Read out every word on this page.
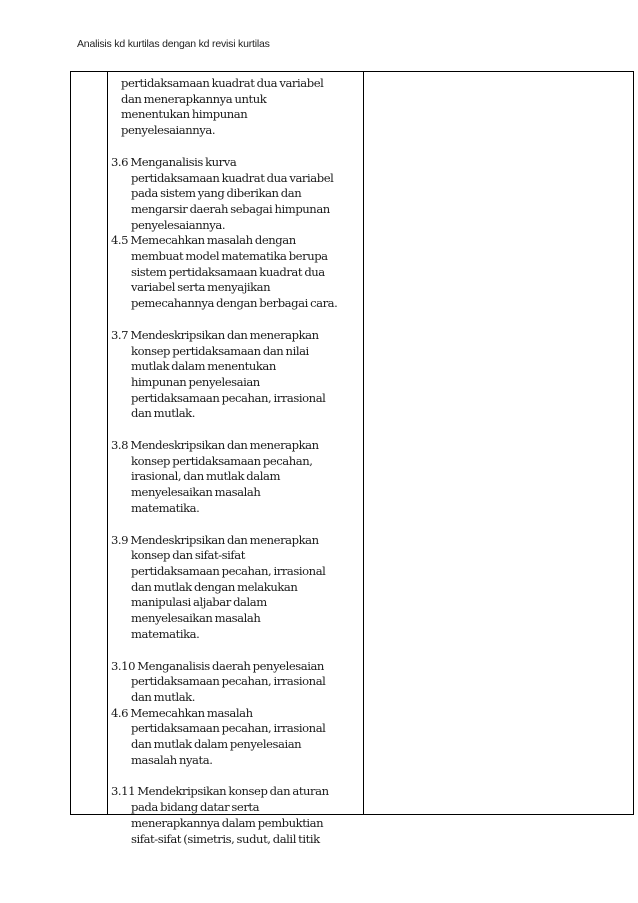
Analisis kd kurtilas dengan kd revisi kurtilas
pertidaksamaan kuadrat dua variabel
dan menerapkannya untuk
menentukan himpunan
penyelesaiannya.
3.6 Menganalisis kurva
pertidaksamaan kuadrat dua variabel
pada sistem yang diberikan dan
mengarsir daerah sebagai himpunan
penyelesaiannya.
4.5 Memecahkan masalah dengan
membuat model matematika berupa
sistem pertidaksamaan kuadrat dua
variabel serta menyajikan
pemecahannya dengan berbagai cara.
3.7 Mendeskripsikan dan menerapkan
konsep pertidaksamaan dan nilai
mutlak dalam menentukan
himpunan penyelesaian
pertidaksamaan pecahan, irrasional
dan mutlak.
3.8 Mendeskripsikan dan menerapkan
konsep pertidaksamaan pecahan,
irasional, dan mutlak dalam
menyelesaikan masalah
matematika.
3.9 Mendeskripsikan dan menerapkan
konsep dan sifat-sifat
pertidaksamaan pecahan, irrasional
dan mutlak dengan melakukan
manipulasi aljabar dalam
menyelesaikan masalah
matematika.
3.10 Menganalisis daerah penyelesaian
pertidaksamaan pecahan, irrasional
dan mutlak.
4.6 Memecahkan masalah
pertidaksamaan pecahan, irrasional
dan mutlak dalam penyelesaian
masalah nyata.
3.11 Mendekripsikan konsep dan aturan
pada bidang datar serta
menerapkannya dalam pembuktian
sifat-sifat (simetris, sudut, dalil titik
